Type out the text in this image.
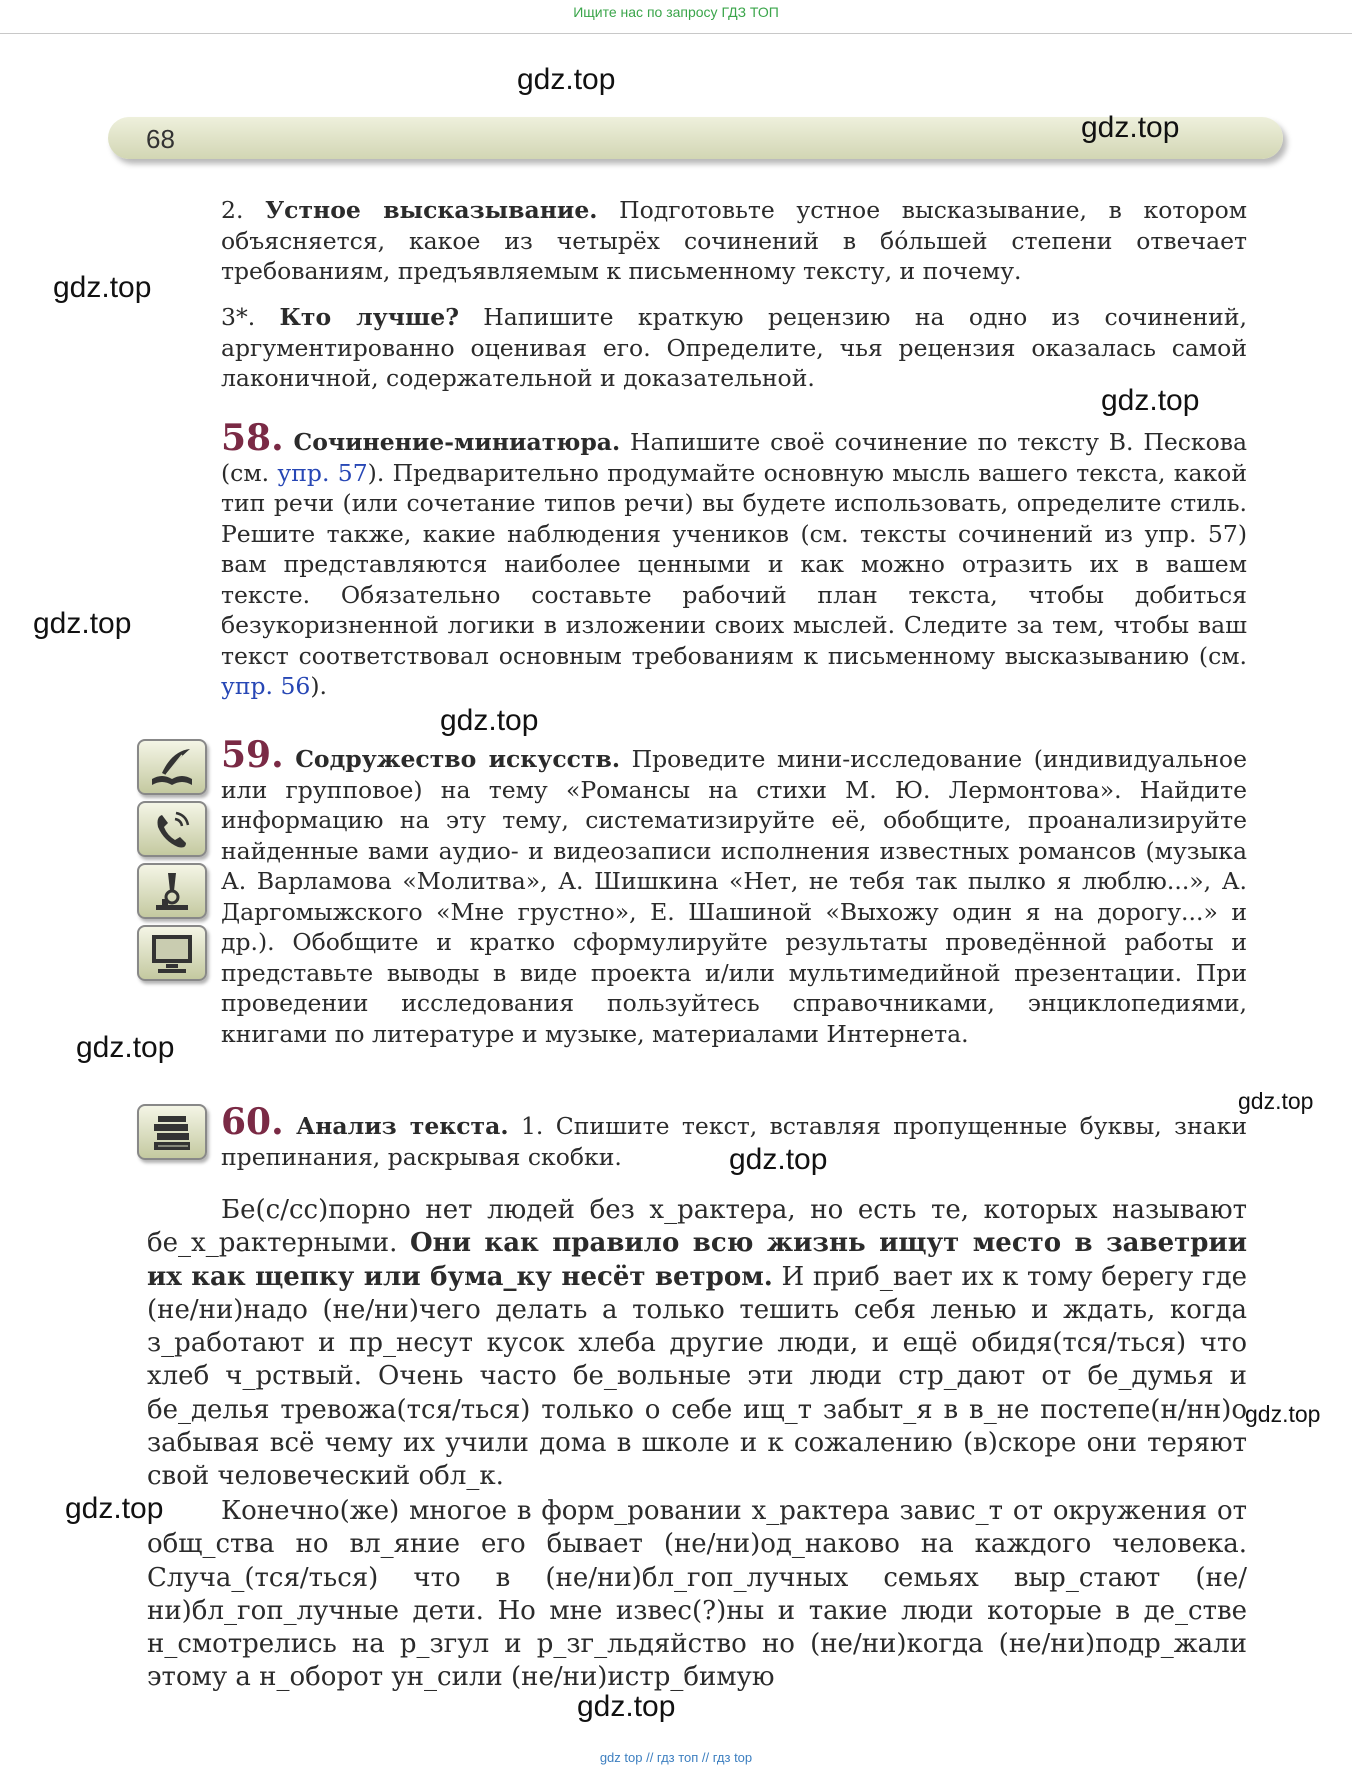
Ищите нас по запросу ГДЗ ТОП
68
gdz.top
gdz.top
gdz.top
gdz.top
gdz.top
gdz.top
gdz.top
gdz.top
gdz.top
gdz.top
gdz.top
gdz.top

2. Устное высказывание. Подготовьте устное высказывание, в котором объясняется, какое из четырёх сочинений в бо́льшей степени отвечает требованиям, предъявляемым к письменному тексту, и почему.

3*. Кто лучше? Напишите краткую рецензию на одно из сочинений, аргументированно оценивая его. Определите, чья рецензия оказалась самой лаконичной, содержательной и доказательной.

58. Сочинение-миниатюра. Напишите своё сочинение по тексту В. Пескова (см. упр. 57). Предварительно продумайте основную мысль вашего текста, какой тип речи (или сочетание типов речи) вы будете использовать, определите стиль. Решите также, какие наблюдения учеников (см. тексты сочинений из упр. 57) вам представляются наиболее ценными и как можно отразить их в вашем тексте. Обязательно составьте рабочий план текста, чтобы добиться безукоризненной логики в изложении своих мыслей. Следите за тем, чтобы ваш текст соответствовал основным требованиям к письменному высказыванию (см. упр. 56).

59. Содружество искусств. Проведите мини-исследование (индивидуальное или групповое) на тему «Романсы на стихи М. Ю. Лермонтова». Найдите информацию на эту тему, систематизируйте её, обобщите, проанализируйте найденные вами аудио- и видеозаписи исполнения известных романсов (музыка А. Варламова «Молитва», А. Шишкина «Нет, не тебя так пылко я люблю...», А. Даргомыжского «Мне грустно», Е. Шашиной «Выхожу один я на дорогу...» и др.). Обобщите и кратко сформулируйте результаты проведённой работы и представьте выводы в виде проекта и/или мультимедийной презентации. При проведении исследования пользуйтесь справочниками, энциклопедиями, книгами по литературе и музыке, материалами Интернета.

60. Анализ текста. 1. Спишите текст, вставляя пропущенные буквы, знаки препинания, раскрывая скобки.

Бе(с/сс)порно нет людей без х_рактера, но есть те, которых называют бе_х_рактерными. Они как правило всю жизнь ищут место в заветрии их как щепку или бума_ку несёт ветром. И приб_вает их к тому берегу где (не/ни)надо (не/ни)чего делать а только тешить себя ленью и ждать, когда з_работают и пр_несут кусок хлеба другие люди, и ещё обидя(тся/ться) что хлеб ч_рствый. Очень часто бе_вольные эти люди стр_дают от бе_думья и бе_делья тревожа(тся/ться) только о себе ищ_т забыт_я в в_не постепе(н/нн)о забывая всё чему их учили дома в школе и к сожалению (в)скоре они теряют свой человеческий обл_к.

Конечно(же) многое в форм_ровании х_рактера завис_т от окружения от общ_ства но вл_яние его бывает (не/ни)од_наково на каждого человека. Случа_(тся/ться) что в (не/ни)бл_гоп_лучных семьях выр_стают (не/ни)бл_гоп_лучные дети. Но мне извес(?)ны и такие люди которые в де_стве н_смотрелись на р_згул и р_зг_льдяйство но (не/ни)когда (не/ни)подр_жали этому а н_оборот ун_сили (не/ни)истр_бимую

gdz top // гдз топ // гдз top
